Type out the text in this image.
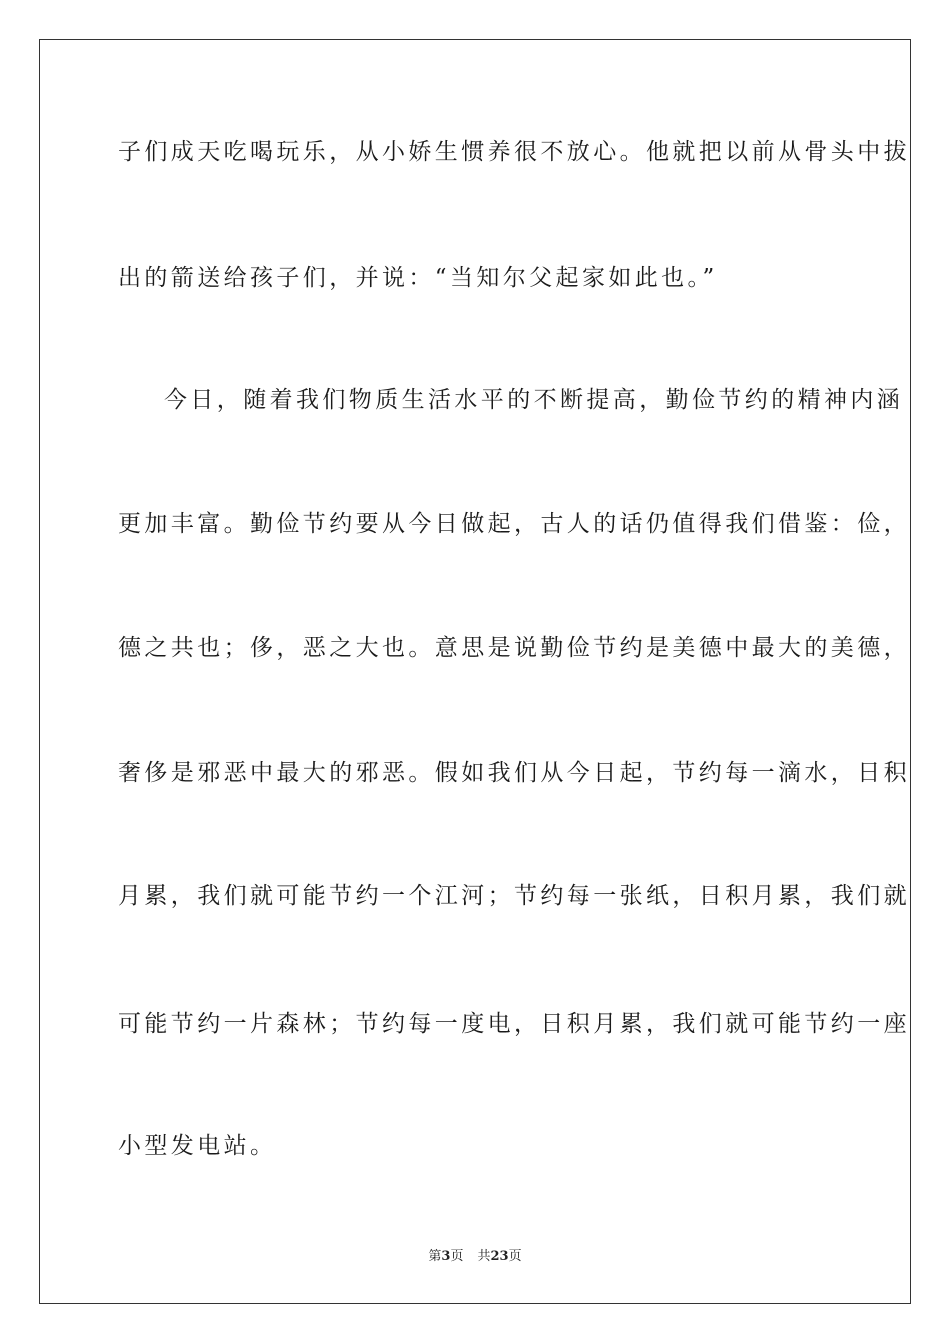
子们成天吃喝玩乐，从小娇生惯养很不放心。他就把以前从骨头中拔
出的箭送给孩子们，并说：“当知尔父起家如此也。”
今日，随着我们物质生活水平的不断提高，勤俭节约的精神内涵
更加丰富。勤俭节约要从今日做起，古人的话仍值得我们借鉴：俭，
德之共也；侈，恶之大也。意思是说勤俭节约是美德中最大的美德，
奢侈是邪恶中最大的邪恶。假如我们从今日起，节约每一滴水，日积
月累，我们就可能节约一个江河；节约每一张纸，日积月累，我们就
可能节约一片森林；节约每一度电，日积月累，我们就可能节约一座
小型发电站。
第3页 共23页
